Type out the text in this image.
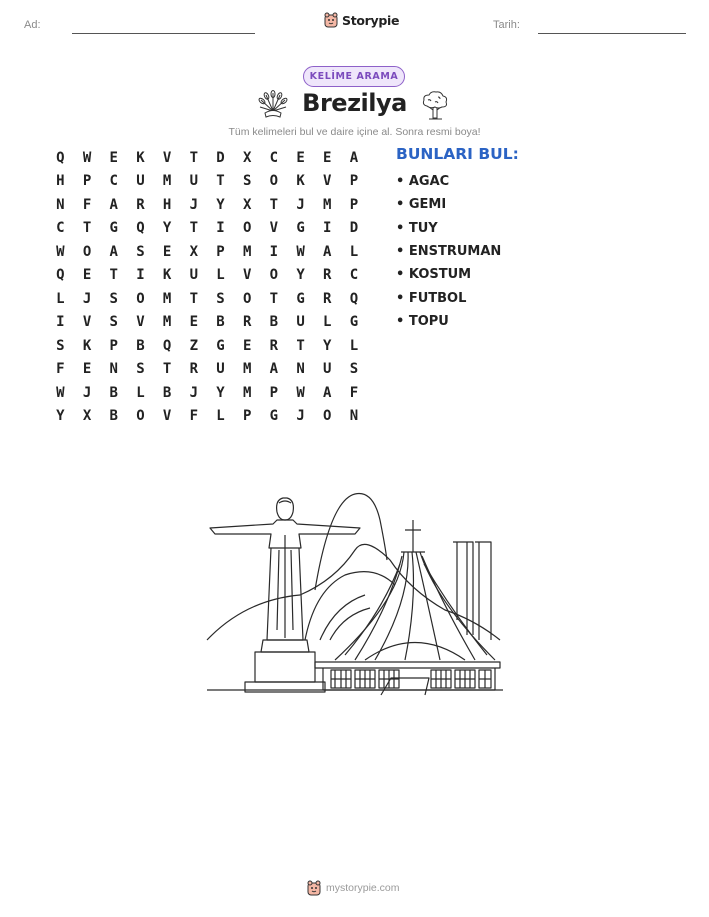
Ad:	Storypie	Tarih:
KELİME ARAMA
Brezilya
Tüm kelimeleri bul ve daire içine al. Sonra resmi boya!
Q	W	E	K	V	T	D	X	C	E	E	A
H	P	C	U	M	U	T	S	O	K	V	P
N	F	A	R	H	J	Y	X	T	J	M	P
C	T	G	Q	Y	T	I	O	V	G	I	D
W	O	A	S	E	X	P	M	I	W	A	L
Q	E	T	I	K	U	L	V	O	Y	R	C
L	J	S	O	M	T	S	O	T	G	R	Q
I	V	S	V	M	E	B	R	B	U	L	G
S	K	P	B	Q	Z	G	E	R	T	Y	L
F	E	N	S	T	R	U	M	A	N	U	S
W	J	B	L	B	J	Y	M	P	W	A	F
Y	X	B	O	V	F	L	P	G	J	O	N
BUNLARI BUL:
• AGAC
• GEMI
• TUY
• ENSTRUMAN
• KOSTUM
• FUTBOL
• TOPU
mystorypie.com
